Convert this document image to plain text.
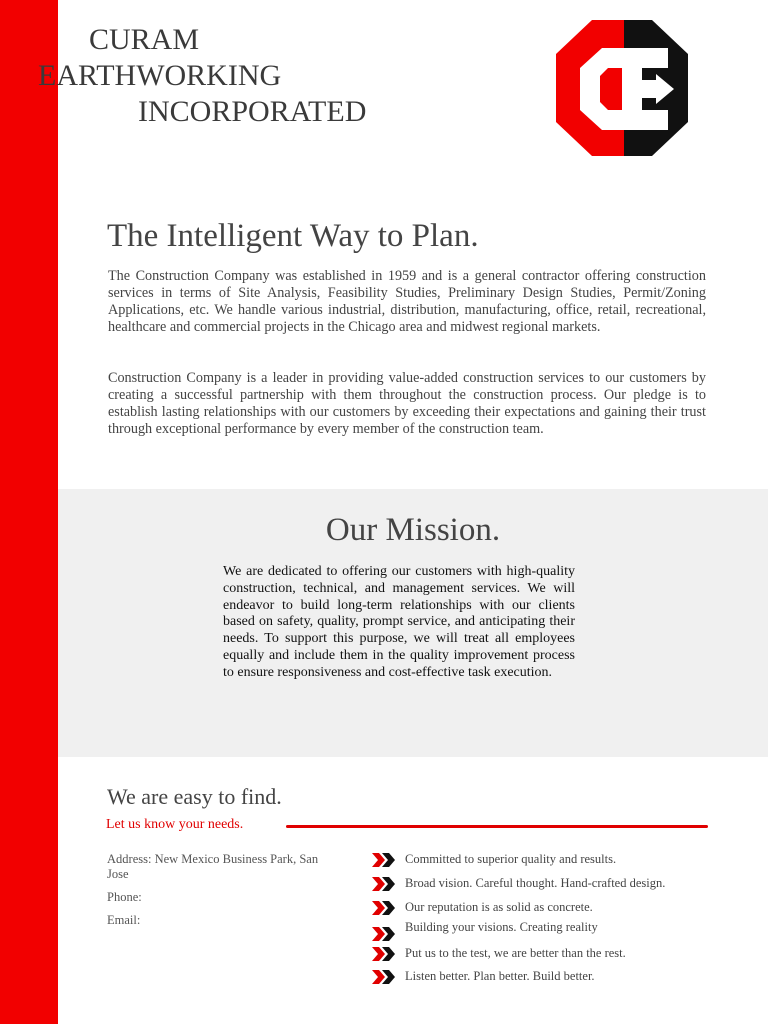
CURAM
EARTHWORKING
INCORPORATED
The Intelligent Way to Plan.

The Construction Company was established in 1959 and is a general contractor offering construction services in terms of Site Analysis, Feasibility Studies, Preliminary Design Studies, Permit/Zoning Applications, etc. We handle various industrial, distribution, manufacturing, office, retail, recreational, healthcare and commercial projects in the Chicago area and midwest regional markets.

Construction Company is a leader in providing value-added construction services to our customers by creating a successful partnership with them throughout the construction process. Our pledge is to establish lasting relationships with our customers by exceeding their expectations and gaining their trust through exceptional performance by every member of the construction team.

Our Mission.

We are dedicated to offering our customers with high-quality construction, technical, and management services. We will endeavor to build long-term relationships with our clients based on safety, quality, prompt service, and anticipating their needs. To support this purpose, we will treat all employees equally and include them in the quality improvement process to ensure responsiveness and cost-effective task execution.

We are easy to find.
Let us know your needs.
Address: New Mexico Business Park, San Jose
Phone:
Email:
Committed to superior quality and results.
Broad vision. Careful thought. Hand-crafted design.
Our reputation is as solid as concrete.
Building your visions. Creating reality
Put us to the test, we are better than the rest.
Listen better. Plan better. Build better.
